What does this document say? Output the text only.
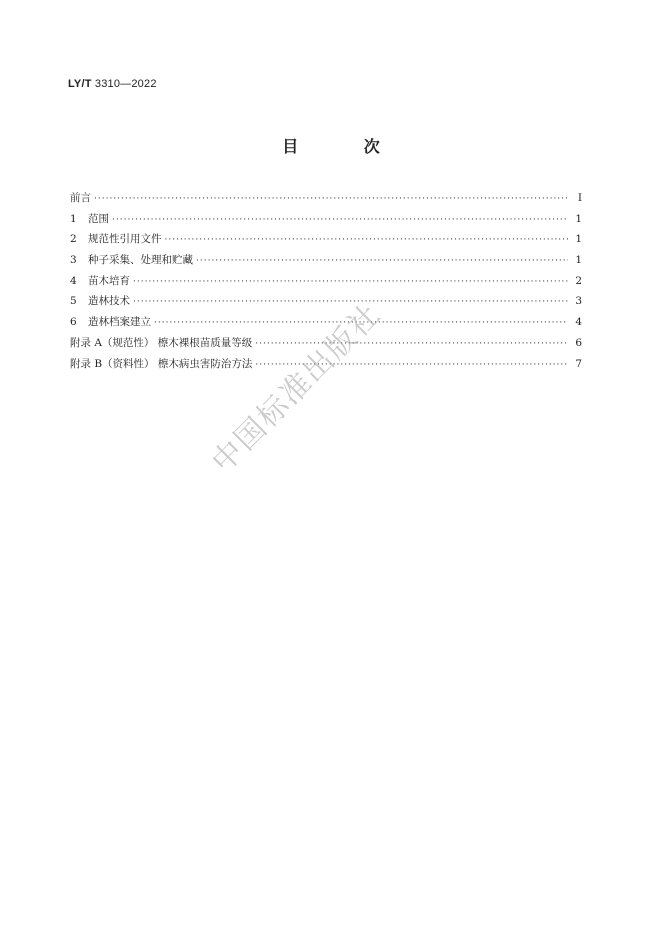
LY/T 3310—2022
目 次
前言 ·····	Ⅰ
1	范围 ·····	1
2	规范性引用文件 ·····	1
3	种子采集、处理和贮藏 ·····	1
4	苗木培育 ·····	2
5	造林技术 ·····	3
6	造林档案建立 ·····	4
附录 A（规范性） 檫木裸根苗质量等级 ·····	6
附录 B（资料性） 檫木病虫害防治方法 ·····	7
中国标准出版社
